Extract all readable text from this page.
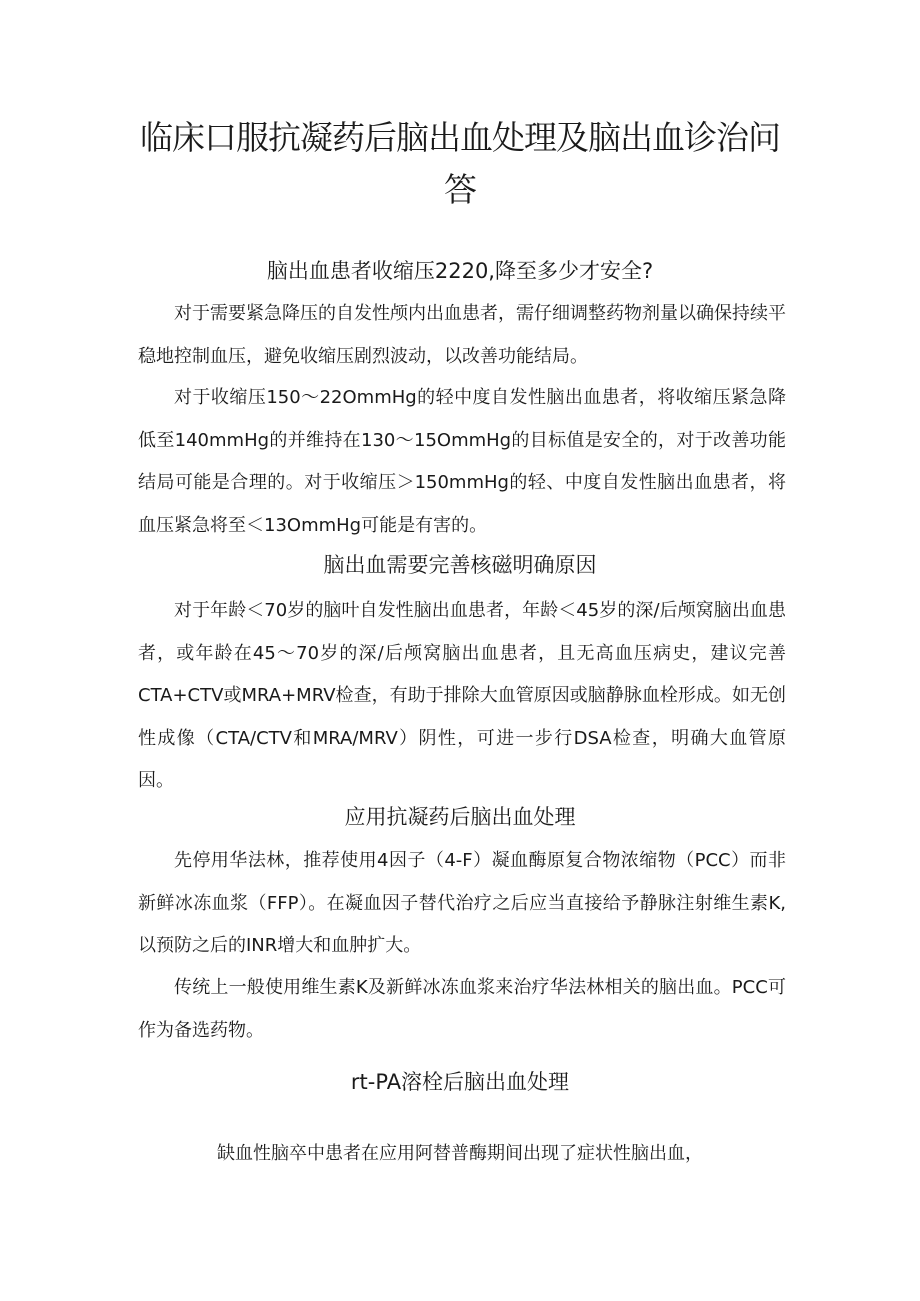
临床口服抗凝药后脑出血处理及脑出血诊治问答
脑出血患者收缩压2220,降至多少才安全?

对于需要紧急降压的自发性颅内出血患者，需仔细调整药物剂量以确保持续平稳地控制血压，避免收缩压剧烈波动，以改善功能结局。

对于收缩压150～22OmmHg的轻中度自发性脑出血患者，将收缩压紧急降低至140mmHg的并维持在130～15OmmHg的目标值是安全的，对于改善功能结局可能是合理的。对于收缩压＞150mmHg的轻、中度自发性脑出血患者，将血压紧急将至＜13OmmHg可能是有害的。

脑出血需要完善核磁明确原因

对于年龄＜70岁的脑叶自发性脑出血患者，年龄＜45岁的深/后颅窝脑出血患者，或年龄在45～70岁的深/后颅窝脑出血患者，且无高血压病史，建议完善CTA+CTV或MRA+MRV检查，有助于排除大血管原因或脑静脉血栓形成。如无创性成像（CTA/CTV和MRA/MRV）阴性，可进一步行DSA检查，明确大血管原因。

应用抗凝药后脑出血处理

先停用华法林，推荐使用4因子（4-F）凝血酶原复合物浓缩物（PCC）而非新鲜冰冻血浆（FFP）。在凝血因子替代治疗之后应当直接给予静脉注射维生素K,以预防之后的INR增大和血肿扩大。

传统上一般使用维生素K及新鲜冰冻血浆来治疗华法林相关的脑出血。PCC可作为备选药物。

rt-PA溶栓后脑出血处理

缺血性脑卒中患者在应用阿替普酶期间出现了症状性脑出血，
